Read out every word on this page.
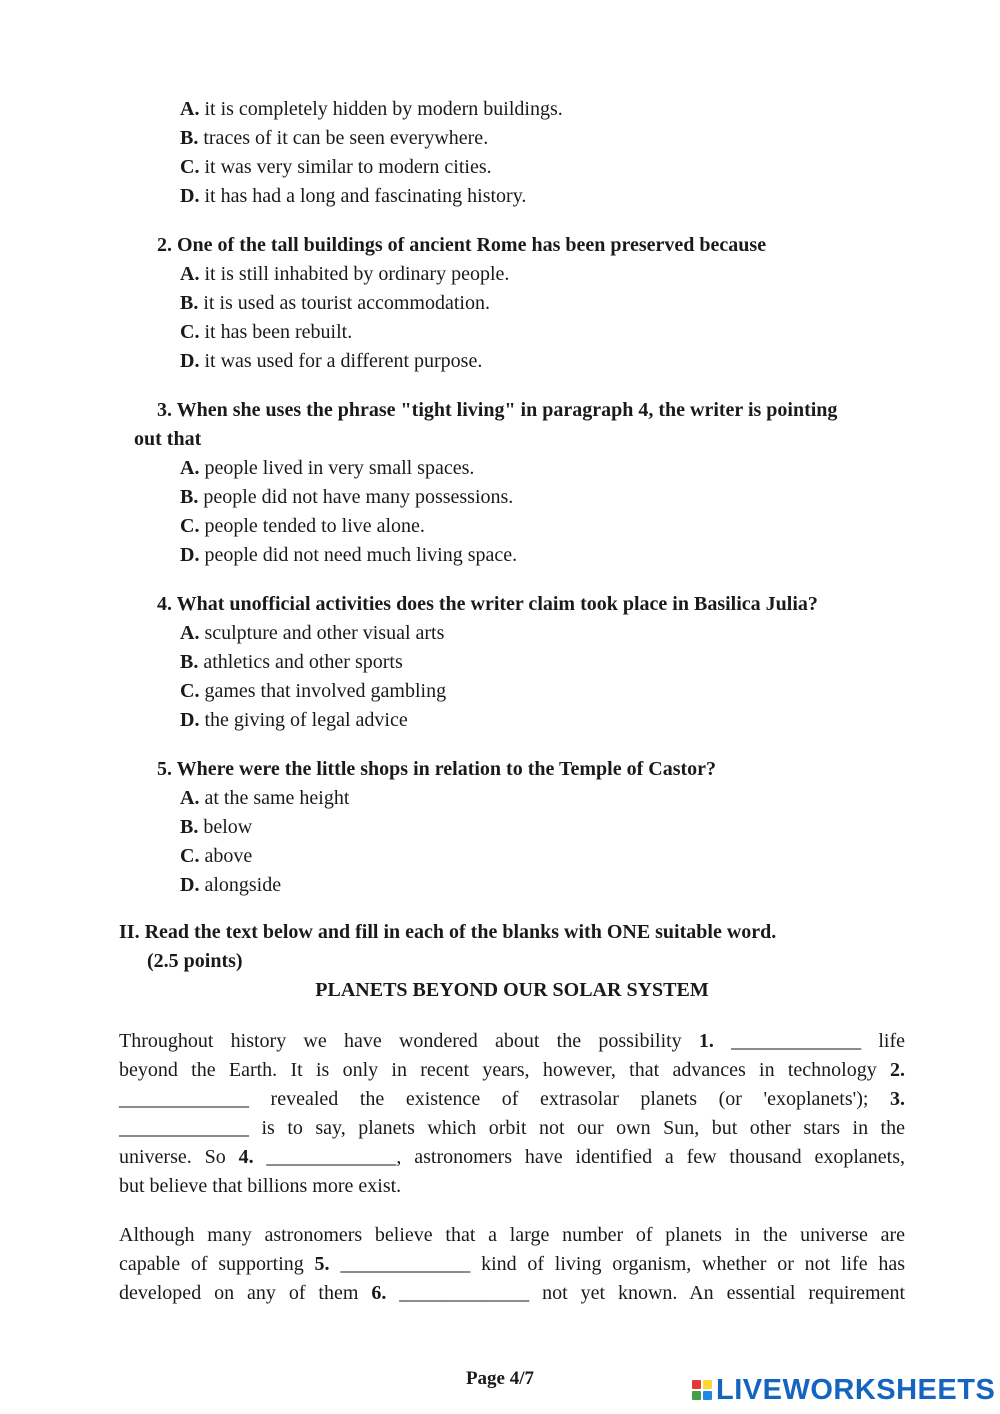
A. it is completely hidden by modern buildings.
B. traces of it can be seen everywhere.
C. it was very similar to modern cities.
D. it has had a long and fascinating history.
2. One of the tall buildings of ancient Rome has been preserved because
A. it is still inhabited by ordinary people.
B. it is used as tourist accommodation.
C. it has been rebuilt.
D. it was used for a different purpose.
3. When she uses the phrase "tight living" in paragraph 4, the writer is pointing
out that
A. people lived in very small spaces.
B. people did not have many possessions.
C. people tended to live alone.
D. people did not need much living space.
4. What unofficial activities does the writer claim took place in Basilica Julia?
A. sculpture and other visual arts
B. athletics and other sports
C. games that involved gambling
D. the giving of legal advice
5. Where were the little shops in relation to the Temple of Castor?
A. at the same height
B. below
C. above
D. alongside
II. Read the text below and fill in each of the blanks with ONE suitable word.
(2.5 points)
PLANETS BEYOND OUR SOLAR SYSTEM
Throughout history we have wondered about the possibility 1. _____________ life
beyond the Earth. It is only in recent years, however, that advances in technology 2.
_____________ revealed the existence of extrasolar planets (or 'exoplanets'); 3.
_____________ is to say, planets which orbit not our own Sun, but other stars in the
universe. So 4. _____________, astronomers have identified a few thousand exoplanets,
but believe that billions more exist.
Although many astronomers believe that a large number of planets in the universe are
capable of supporting 5. _____________ kind of living organism, whether or not life has
developed on any of them 6. _____________ not yet known. An essential requirement
Page 4/7	LIVEWORKSHEETS
